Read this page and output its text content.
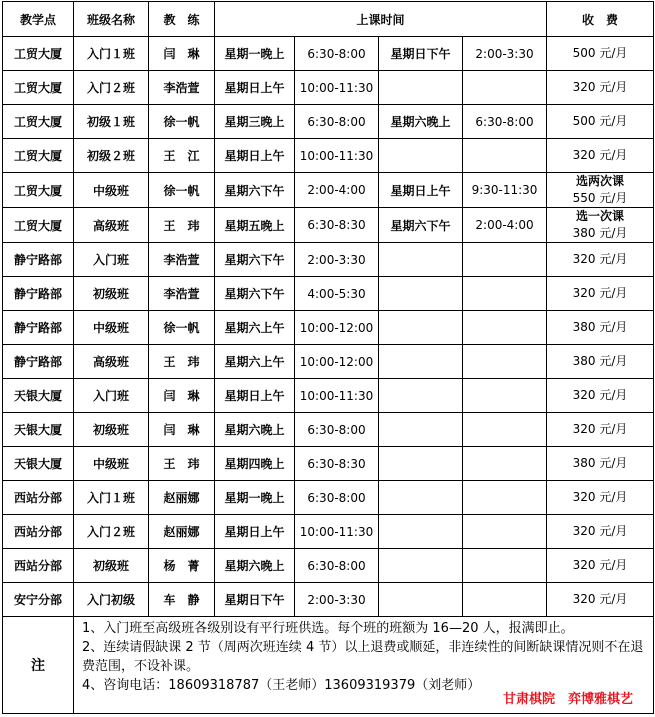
教学点	班级名称	教　练	上课时间				收　费
工贸大厦	入门１班	闫　琳	星期一晚上	6:30-8:00	星期日下午	2:00-3:30	500 元/月
工贸大厦	入门２班	李浩萱	星期日上午	10:00-11:30			320 元/月
工贸大厦	初级１班	徐一帆	星期三晚上	6:30-8:00	星期六晚上	6:30-8:00	500 元/月
工贸大厦	初级２班	王　江	星期日上午	10:00-11:30			320 元/月
工贸大厦	中级班	徐一帆	星期六下午	2:00-4:00	星期日上午	9:30-11:30	选两次课
550 元/月

工贸大厦	高级班	王　玮	星期五晚上	6:30-8:30	星期六下午	2:00-4:00	选一次课
380 元/月

静宁路部	入门班	李浩萱	星期六下午	2:00-3:30			320 元/月
静宁路部	初级班	李浩萱	星期六下午	4:00-5:30			320 元/月
静宁路部	中级班	徐一帆	星期六上午	10:00-12:00			380 元/月
静宁路部	高级班	王　玮	星期六上午	10:00-12:00			380 元/月
天银大厦	入门班	闫　琳	星期日上午	10:00-11:30			320 元/月
天银大厦	初级班	闫　琳	星期六晚上	6:30-8:00			320 元/月
天银大厦	中级班	王　玮	星期四晚上	6:30-8:30			380 元/月
西站分部	入门１班	赵丽娜	星期一晚上	6:30-8:00			320 元/月
西站分部	入门２班	赵丽娜	星期日上午	10:00-11:30			320 元/月
西站分部	初级班	杨　菁	星期六晚上	6:30-8:00			320 元/月
安宁分部	入门初级	车　静	星期日下午	2:00-3:30			320 元/月
注	1、入门班至高级班各级别设有平行班供选。每个班的班额为 16—20 人，报满即止。
2、连续请假缺课 2 节（周两次班连续 4 节）以上退费或顺延，非连续性的间断缺课情况则不在退费范围，不设补课。
4、咨询电话：18609318787（王老师）13609319379（刘老师）
甘肃棋院　弈博雅棋艺						
